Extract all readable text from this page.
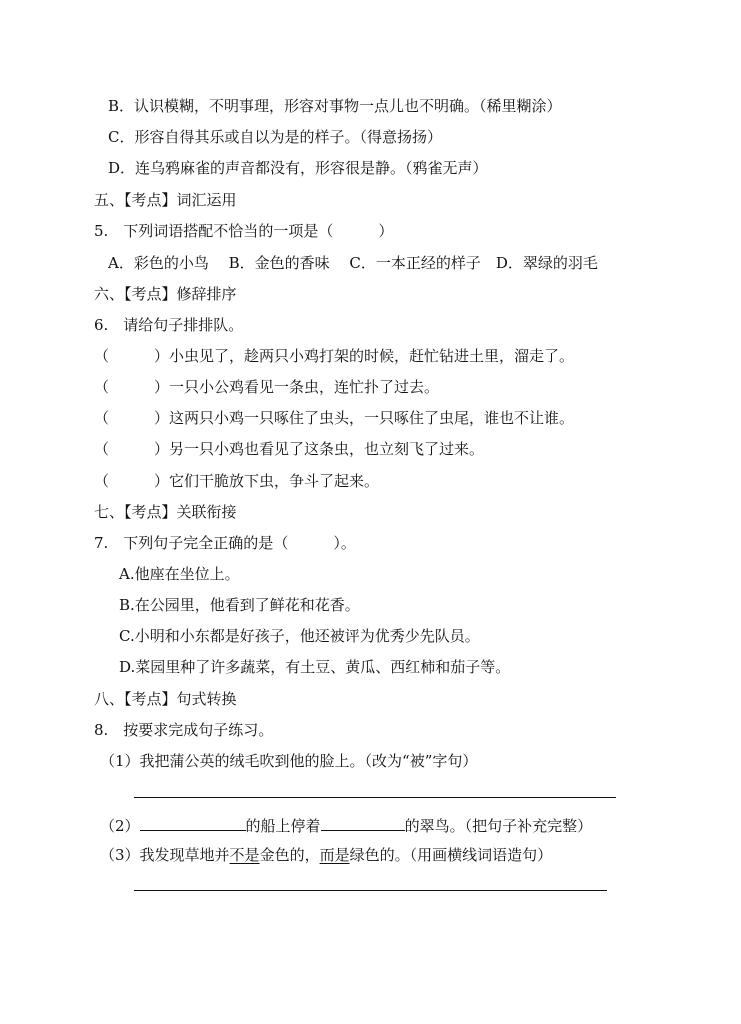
B．认识模糊，不明事理，形容对事物一点儿也不明确。（稀里糊涂）
C．形容自得其乐或自以为是的样子。（得意扬扬）
D．连乌鸦麻雀的声音都没有，形容很是静。（鸦雀无声）
五、【考点】词汇运用
5.　下列词语搭配不恰当的一项是（　　　）
A．彩色的小鸟　 B．金色的香味　 C．一本正经的样子　D．翠绿的羽毛
六、【考点】修辞排序
6.　请给句子排排队。
（　　　）小虫见了，趁两只小鸡打架的时候，赶忙钻进土里，溜走了。
（　　　）一只小公鸡看见一条虫，连忙扑了过去。
（　　　）这两只小鸡一只啄住了虫头，一只啄住了虫尾，谁也不让谁。
（　　　）另一只小鸡也看见了这条虫，也立刻飞了过来。
（　　　）它们干脆放下虫，争斗了起来。
七、【考点】关联衔接
7.　下列句子完全正确的是（　　　）。
A.他座在坐位上。
B.在公园里，他看到了鲜花和花香。
C.小明和小东都是好孩子，他还被评为优秀少先队员。
D.菜园里种了许多蔬菜，有土豆、黄瓜、西红柿和茄子等。
八、【考点】句式转换
8.　按要求完成句子练习。
（1）我把蒲公英的绒毛吹到他的脸上。（改为“被”字句）
（2）	的船上停着	的翠鸟。（把句子补充完整）
（3）我发现草地并不是金色的，而是绿色的。（用画横线词语造句）
